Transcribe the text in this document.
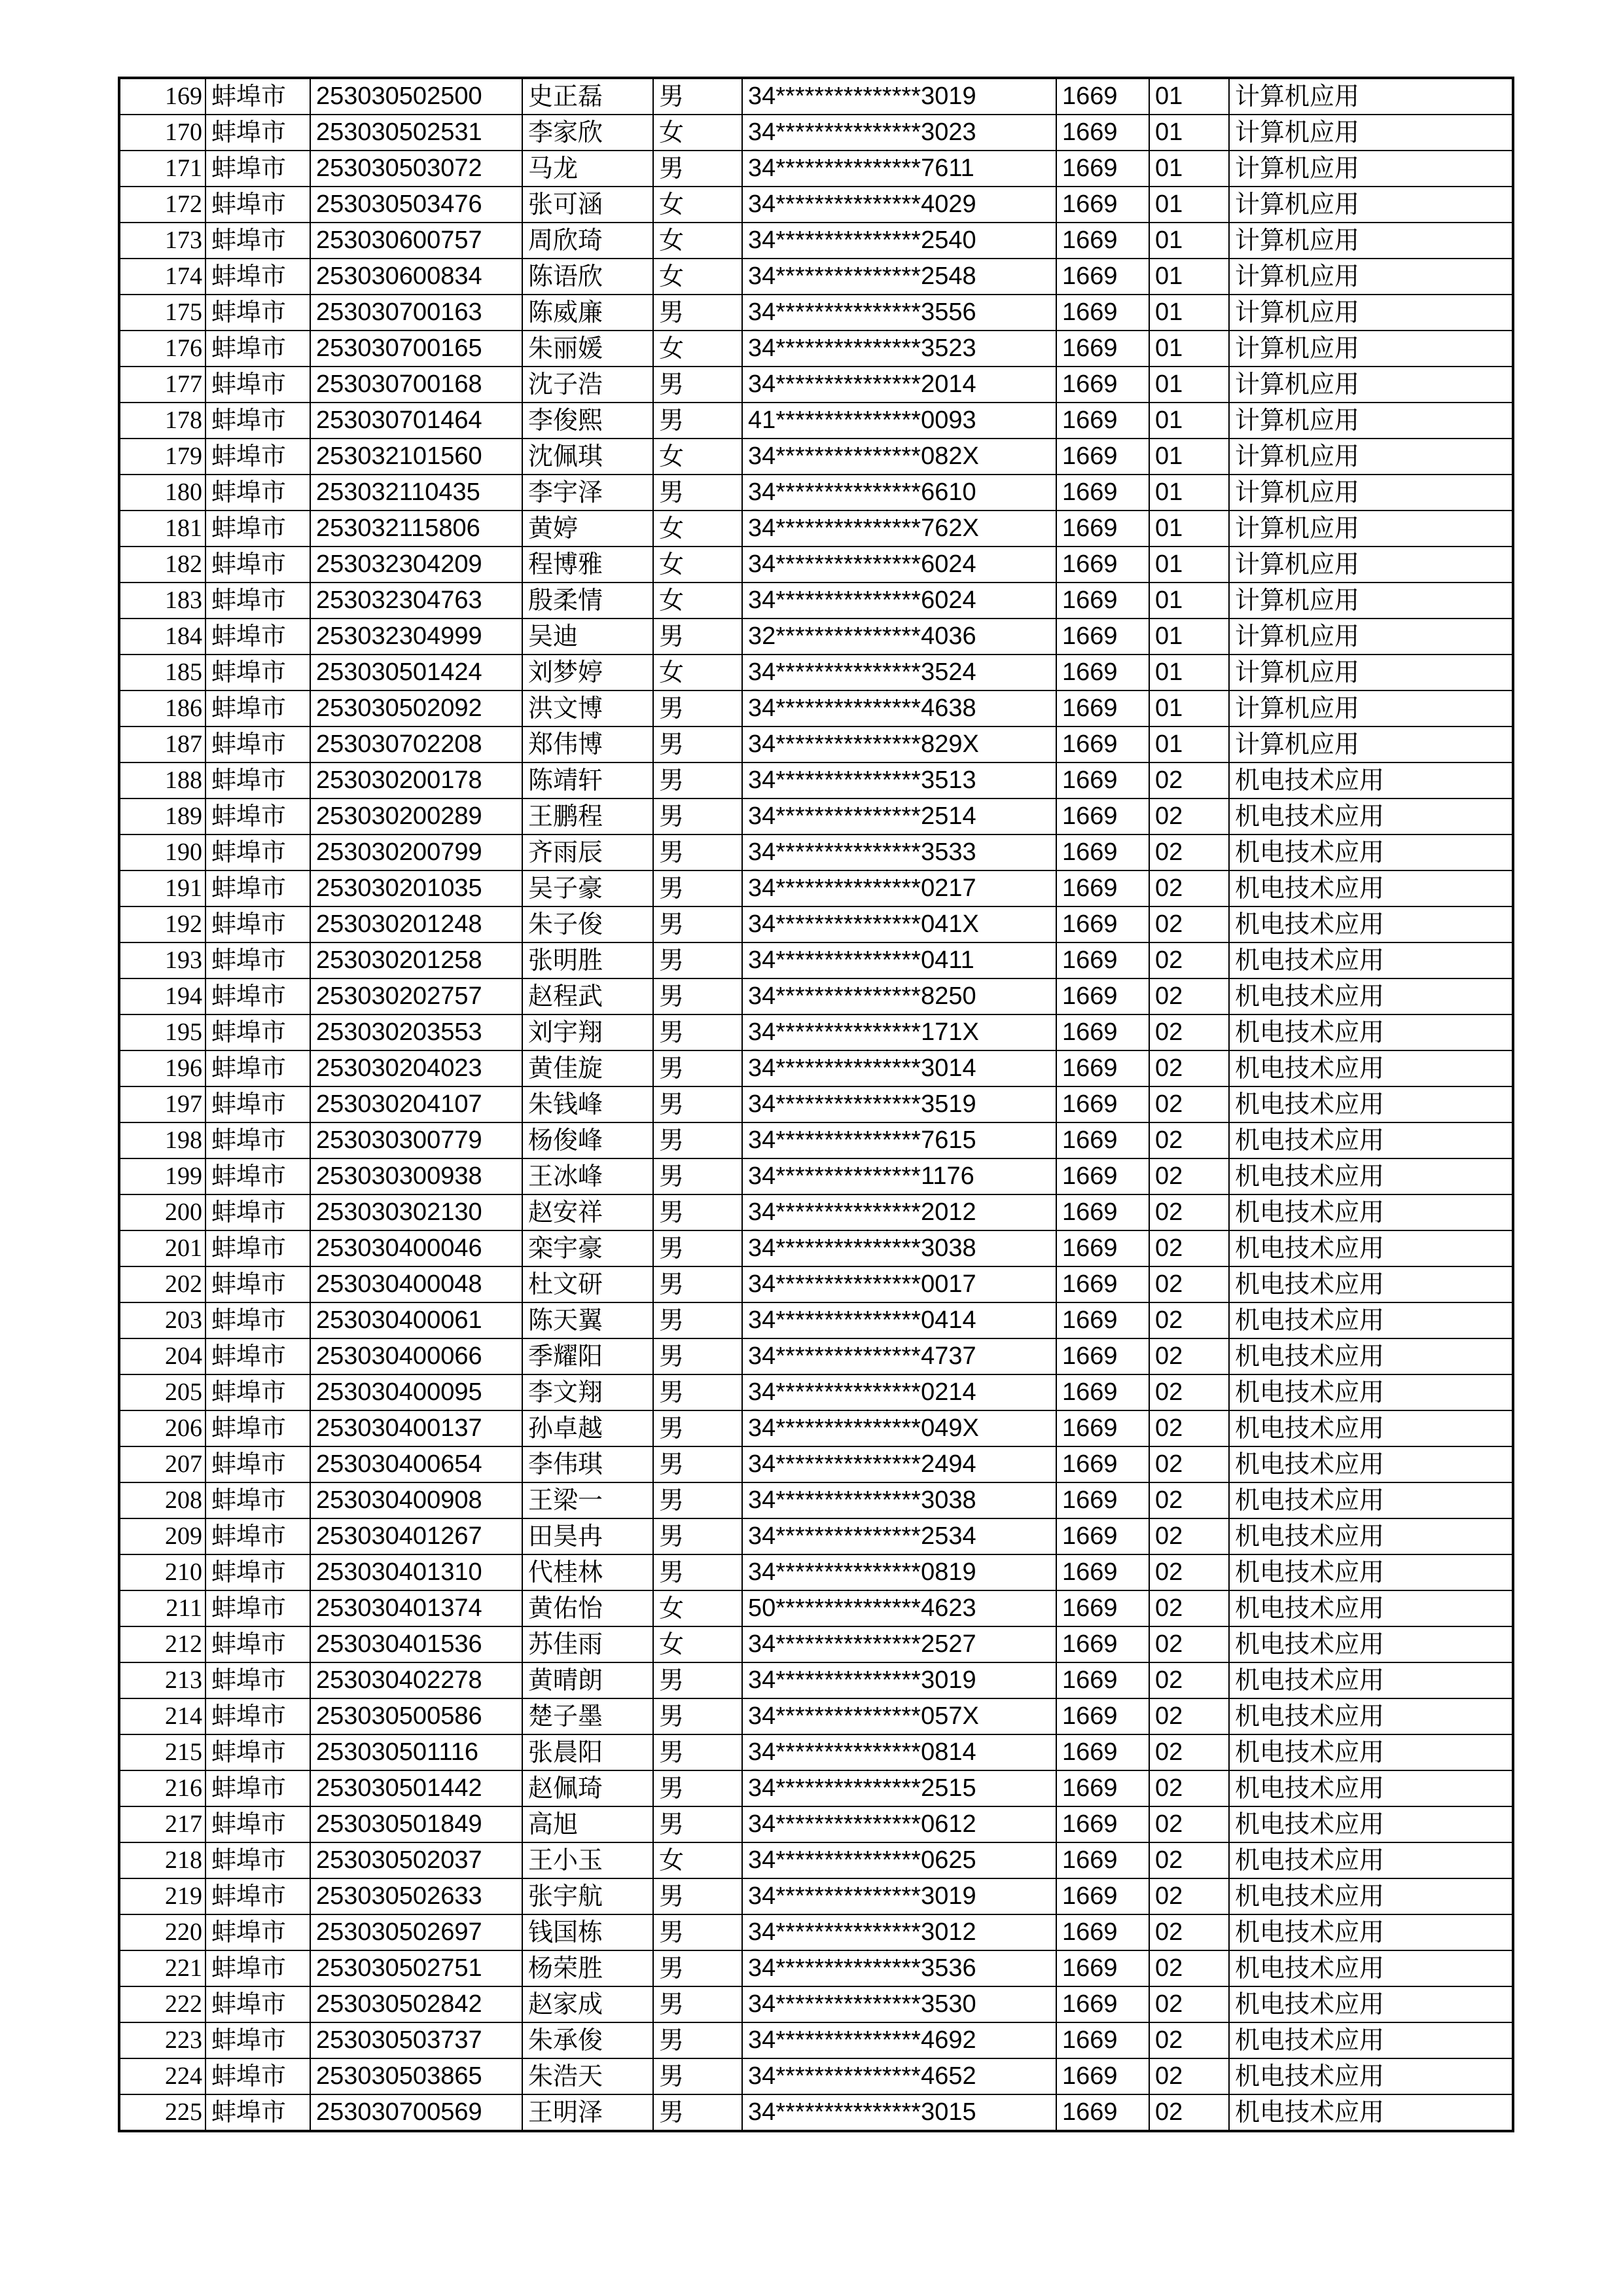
169	蚌埠市	253030502500	史正磊	男	34***************3019	1669	01	计算机应用
170	蚌埠市	253030502531	李家欣	女	34***************3023	1669	01	计算机应用
171	蚌埠市	253030503072	马龙	男	34***************7611	1669	01	计算机应用
172	蚌埠市	253030503476	张可涵	女	34***************4029	1669	01	计算机应用
173	蚌埠市	253030600757	周欣琦	女	34***************2540	1669	01	计算机应用
174	蚌埠市	253030600834	陈语欣	女	34***************2548	1669	01	计算机应用
175	蚌埠市	253030700163	陈威廉	男	34***************3556	1669	01	计算机应用
176	蚌埠市	253030700165	朱丽媛	女	34***************3523	1669	01	计算机应用
177	蚌埠市	253030700168	沈子浩	男	34***************2014	1669	01	计算机应用
178	蚌埠市	253030701464	李俊熙	男	41***************0093	1669	01	计算机应用
179	蚌埠市	253032101560	沈佩琪	女	34***************082X	1669	01	计算机应用
180	蚌埠市	253032110435	李宇泽	男	34***************6610	1669	01	计算机应用
181	蚌埠市	253032115806	黄婷	女	34***************762X	1669	01	计算机应用
182	蚌埠市	253032304209	程博雅	女	34***************6024	1669	01	计算机应用
183	蚌埠市	253032304763	殷柔情	女	34***************6024	1669	01	计算机应用
184	蚌埠市	253032304999	吴迪	男	32***************4036	1669	01	计算机应用
185	蚌埠市	253030501424	刘梦婷	女	34***************3524	1669	01	计算机应用
186	蚌埠市	253030502092	洪文博	男	34***************4638	1669	01	计算机应用
187	蚌埠市	253030702208	郑伟博	男	34***************829X	1669	01	计算机应用
188	蚌埠市	253030200178	陈靖轩	男	34***************3513	1669	02	机电技术应用
189	蚌埠市	253030200289	王鹏程	男	34***************2514	1669	02	机电技术应用
190	蚌埠市	253030200799	齐雨辰	男	34***************3533	1669	02	机电技术应用
191	蚌埠市	253030201035	吴子豪	男	34***************0217	1669	02	机电技术应用
192	蚌埠市	253030201248	朱子俊	男	34***************041X	1669	02	机电技术应用
193	蚌埠市	253030201258	张明胜	男	34***************0411	1669	02	机电技术应用
194	蚌埠市	253030202757	赵程武	男	34***************8250	1669	02	机电技术应用
195	蚌埠市	253030203553	刘宇翔	男	34***************171X	1669	02	机电技术应用
196	蚌埠市	253030204023	黄佳旋	男	34***************3014	1669	02	机电技术应用
197	蚌埠市	253030204107	朱钱峰	男	34***************3519	1669	02	机电技术应用
198	蚌埠市	253030300779	杨俊峰	男	34***************7615	1669	02	机电技术应用
199	蚌埠市	253030300938	王冰峰	男	34***************1176	1669	02	机电技术应用
200	蚌埠市	253030302130	赵安祥	男	34***************2012	1669	02	机电技术应用
201	蚌埠市	253030400046	栾宇豪	男	34***************3038	1669	02	机电技术应用
202	蚌埠市	253030400048	杜文研	男	34***************0017	1669	02	机电技术应用
203	蚌埠市	253030400061	陈天翼	男	34***************0414	1669	02	机电技术应用
204	蚌埠市	253030400066	季耀阳	男	34***************4737	1669	02	机电技术应用
205	蚌埠市	253030400095	李文翔	男	34***************0214	1669	02	机电技术应用
206	蚌埠市	253030400137	孙卓越	男	34***************049X	1669	02	机电技术应用
207	蚌埠市	253030400654	李伟琪	男	34***************2494	1669	02	机电技术应用
208	蚌埠市	253030400908	王梁一	男	34***************3038	1669	02	机电技术应用
209	蚌埠市	253030401267	田昊冉	男	34***************2534	1669	02	机电技术应用
210	蚌埠市	253030401310	代桂林	男	34***************0819	1669	02	机电技术应用
211	蚌埠市	253030401374	黄佑怡	女	50***************4623	1669	02	机电技术应用
212	蚌埠市	253030401536	苏佳雨	女	34***************2527	1669	02	机电技术应用
213	蚌埠市	253030402278	黄晴朗	男	34***************3019	1669	02	机电技术应用
214	蚌埠市	253030500586	楚子墨	男	34***************057X	1669	02	机电技术应用
215	蚌埠市	253030501116	张晨阳	男	34***************0814	1669	02	机电技术应用
216	蚌埠市	253030501442	赵佩琦	男	34***************2515	1669	02	机电技术应用
217	蚌埠市	253030501849	高旭	男	34***************0612	1669	02	机电技术应用
218	蚌埠市	253030502037	王小玉	女	34***************0625	1669	02	机电技术应用
219	蚌埠市	253030502633	张宇航	男	34***************3019	1669	02	机电技术应用
220	蚌埠市	253030502697	钱国栋	男	34***************3012	1669	02	机电技术应用
221	蚌埠市	253030502751	杨荣胜	男	34***************3536	1669	02	机电技术应用
222	蚌埠市	253030502842	赵家成	男	34***************3530	1669	02	机电技术应用
223	蚌埠市	253030503737	朱承俊	男	34***************4692	1669	02	机电技术应用
224	蚌埠市	253030503865	朱浩天	男	34***************4652	1669	02	机电技术应用
225	蚌埠市	253030700569	王明泽	男	34***************3015	1669	02	机电技术应用
